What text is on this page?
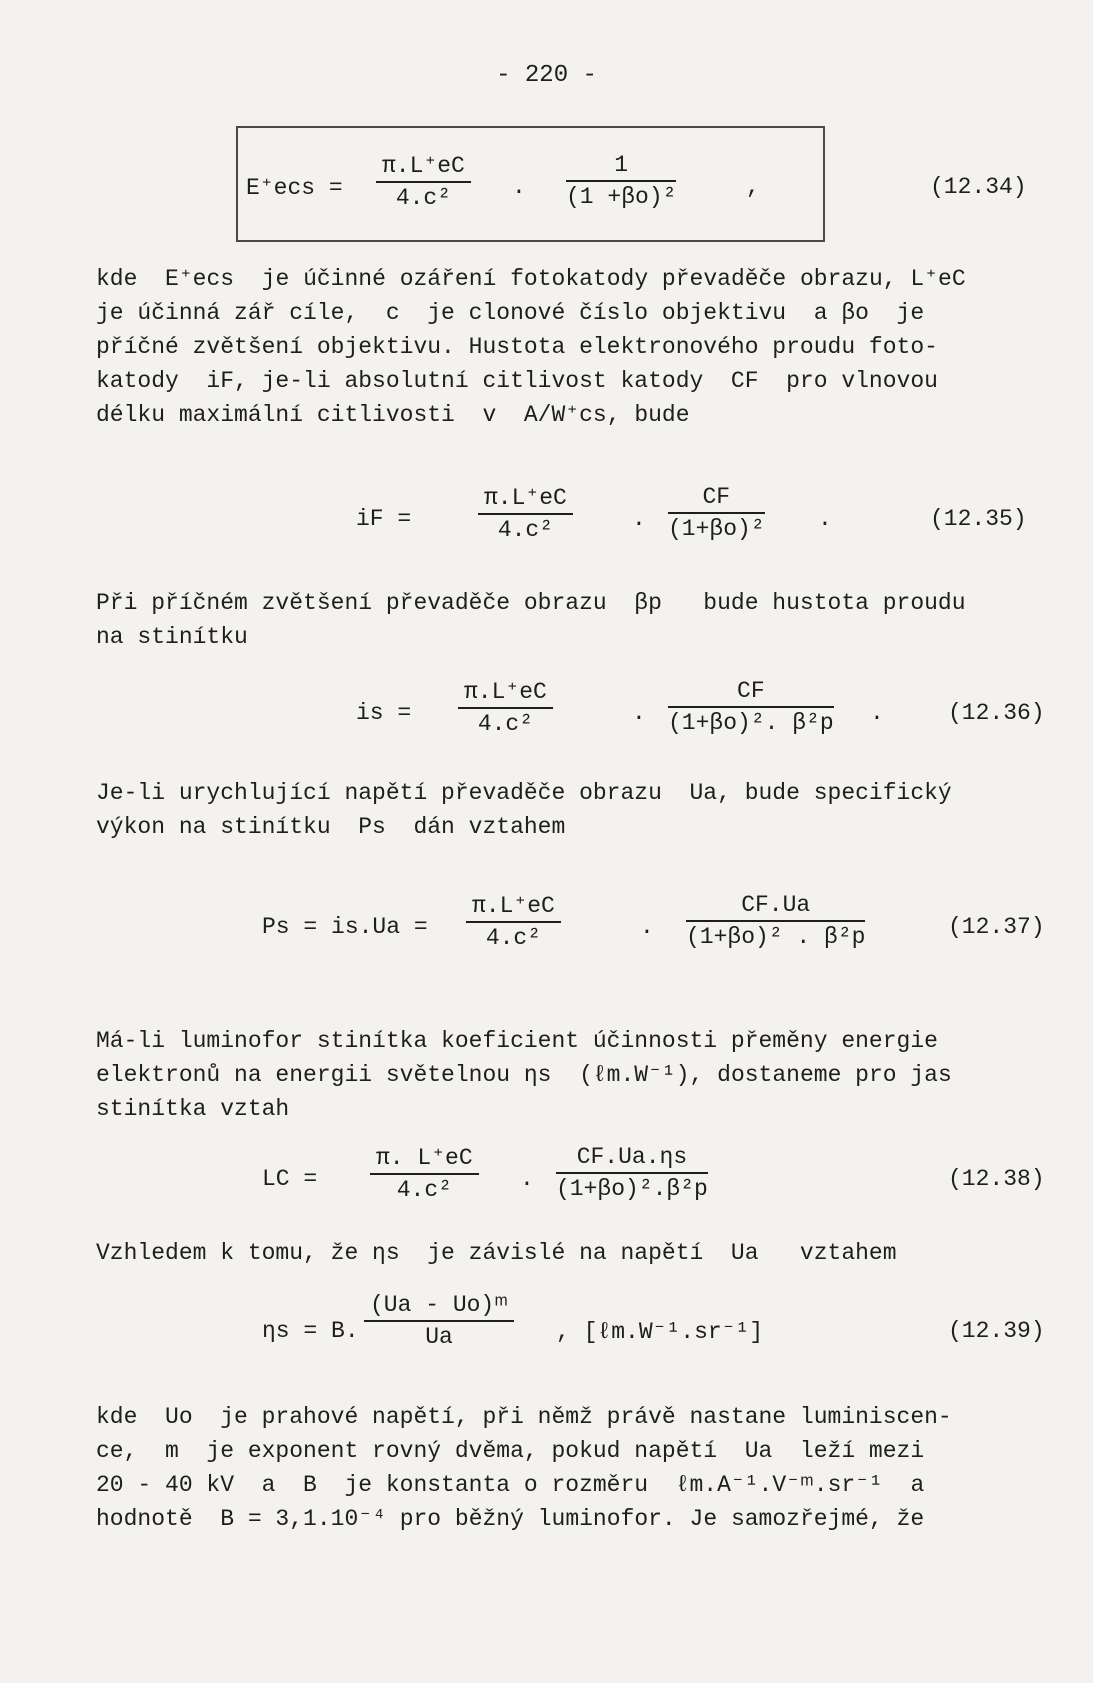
- 220 -
$E^+ecs = \frac{\pi.L^+eC}{\text{4.c²}}$ . $\frac{1}{\text{(1 +βo)²}}$	,	(12.34)
kde  E⁺ecs  je účinné ozáření fotokatody převaděče obrazu, L⁺eC
je účinná zář cíle,  c  je clonové číslo objektivu  a βo  je
příčné zvětšení objektivu. Hustota elektronového proudu foto-
katody  iF, je-li absolutní citlivost katody  CF  pro vlnovou
délku maximální citlivosti  v  A/W⁺cs, bude
iF =	$\frac{\pi.L^+eC}{\text{4.c²}}$	. $\frac{CF}{\text{(1+βo)²}}$ .	(12.35)
Při příčném zvětšení převaděče obrazu  βp   bude hustota proudu
na stinítku
is = $\frac{\pi.L^+eC}{\text{4.c²}}$	. $\frac{CF}{\text{(1+βo)². β²p}}$ .	(12.36)
Je-li urychlující napětí převaděče obrazu  Ua, bude specifický
výkon na stinítku  Ps  dán vztahem
$Ps = is.Ua = \frac{\pi.L^+eC}{\text{4.c²}}$	. $\frac{CF.Ua}{\text{(1+βo)² . β²p}}$	(12.37)
Má-li luminofor stinítka koeficient účinnosti přeměny energie
elektronů na energii světelnou ηs  (ℓm.W⁻¹), dostaneme pro jas
stinítka vztah
LC = $\frac{\pi. L^+eC}{\text{4.c²}}$ . $\frac{CF.Ua.\eta s}{\text{(1+βo)².β²p}}$	(12.38)
Vzhledem k tomu, že ηs  je závislé na napětí  Ua   vztahem
ηs = B. $\frac{\text{(Ua - Uo)ᵐ}}{Ua}$ , [ℓm.W⁻¹.sr⁻¹]	(12.39)
kde  Uo  je prahové napětí, při němž právě nastane luminiscen-
ce,  m  je exponent rovný dvěma, pokud napětí  Ua  leží mezi
20 - 40 kV  a  B  je konstanta o rozměru  ℓm.A⁻¹.V⁻ᵐ.sr⁻¹  a
hodnotě  B = 3,1.10⁻⁴ pro běžný luminofor. Je samozřejmé, že
